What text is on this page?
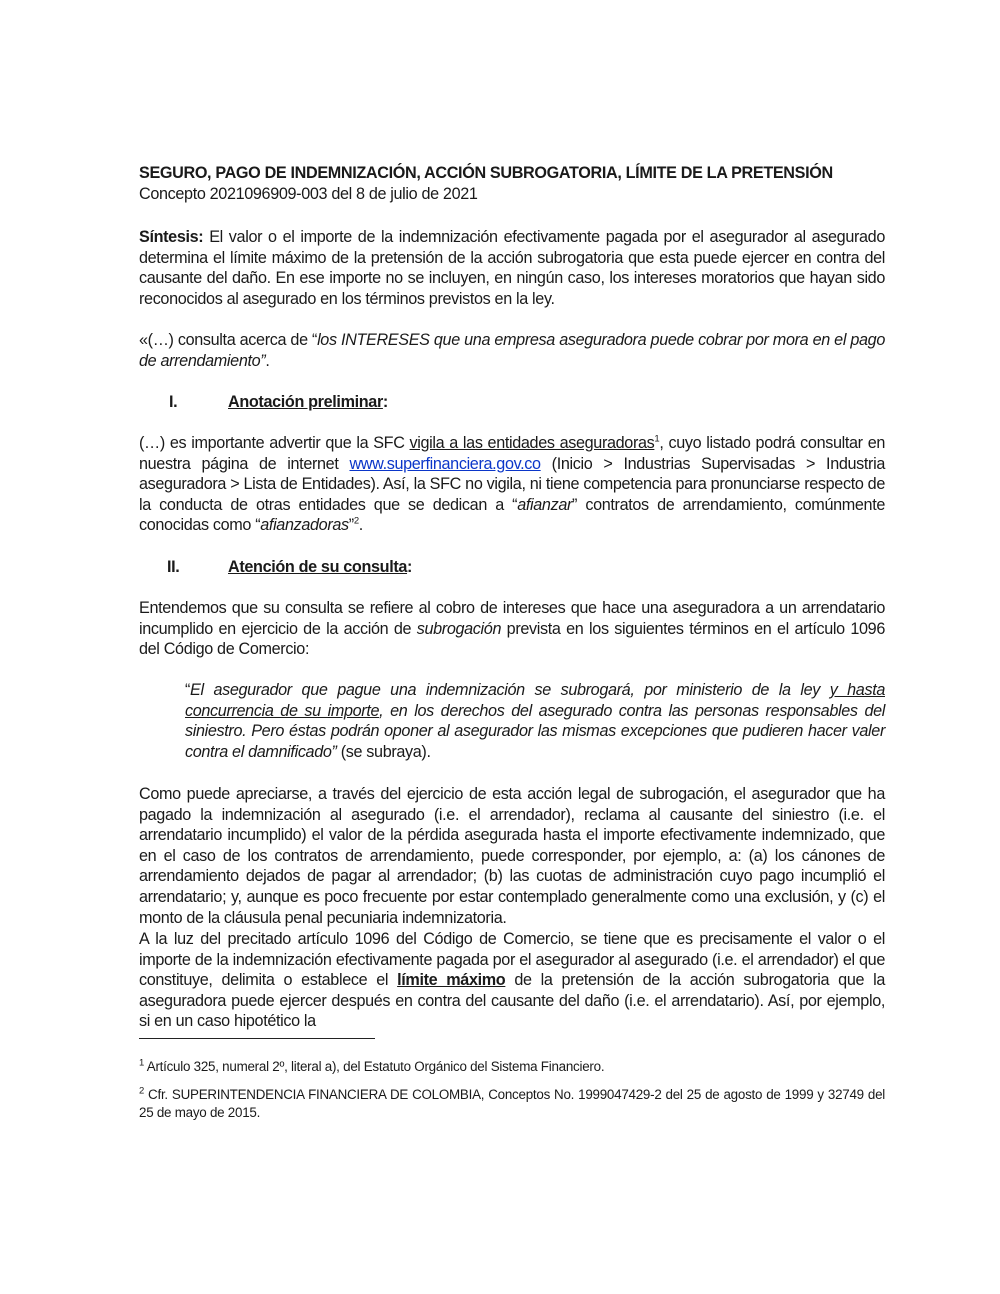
SEGURO, PAGO DE INDEMNIZACIÓN, ACCIÓN SUBROGATORIA, LÍMITE DE LA PRETENSIÓN

Concepto 2021096909-003 del 8 de julio de 2021

Síntesis: El valor o el importe de la indemnización efectivamente pagada por el asegurador al asegurado determina el límite máximo de la pretensión de la acción subrogatoria que esta puede ejercer en contra del causante del daño. En ese importe no se incluyen, en ningún caso, los intereses moratorios que hayan sido reconocidos al asegurado en los términos previstos en la ley.

«(…) consulta acerca de “los INTERESES que una empresa aseguradora puede cobrar por mora en el pago de arrendamiento”.

I.	Anotación preliminar:

(…) es importante advertir que la SFC vigila a las entidades aseguradoras$^1$, cuyo listado podrá consultar en nuestra página de internet www.superfinanciera.gov.co (Inicio > Industrias Supervisadas > Industria aseguradora > Lista de Entidades). Así, la SFC no vigila, ni tiene competencia para pronunciarse respecto de la conducta de otras entidades que se dedican a “afianzar” contratos de arrendamiento, comúnmente conocidas como “afianzadoras”$^2$.

II.	Atención de su consulta:

Entendemos que su consulta se refiere al cobro de intereses que hace una aseguradora a un arrendatario incumplido en ejercicio de la acción de subrogación prevista en los siguientes términos en el artículo 1096 del Código de Comercio:

“El asegurador que pague una indemnización se subrogará, por ministerio de la ley y hasta concurrencia de su importe, en los derechos del asegurado contra las personas responsables del siniestro. Pero éstas podrán oponer al asegurador las mismas excepciones que pudieren hacer valer contra el damnificado” (se subraya).

Como puede apreciarse, a través del ejercicio de esta acción legal de subrogación, el asegurador que ha pagado la indemnización al asegurado (i.e. el arrendador), reclama al causante del siniestro (i.e. el arrendatario incumplido) el valor de la pérdida asegurada hasta el importe efectivamente indemnizado, que en el caso de los contratos de arrendamiento, puede corresponder, por ejemplo, a: (a) los cánones de arrendamiento dejados de pagar al arrendador; (b) las cuotas de administración cuyo pago incumplió el arrendatario; y, aunque es poco frecuente por estar contemplado generalmente como una exclusión, y (c) el monto de la cláusula penal pecuniaria indemnizatoria.

A la luz del precitado artículo 1096 del Código de Comercio, se tiene que es precisamente el valor o el importe de la indemnización efectivamente pagada por el asegurador al asegurado (i.e. el arrendador) el que constituye, delimita o establece el límite máximo de la pretensión de la acción subrogatoria que la aseguradora puede ejercer después en contra del causante del daño (i.e. el arrendatario). Así, por ejemplo, si en un caso hipotético la

$^1$ Artículo 325, numeral 2º, literal a), del Estatuto Orgánico del Sistema Financiero.

$^2$ Cfr. SUPERINTENDENCIA FINANCIERA DE COLOMBIA, Conceptos No. 1999047429-2 del 25 de agosto de 1999 y 32749 del 25 de mayo de 2015.
